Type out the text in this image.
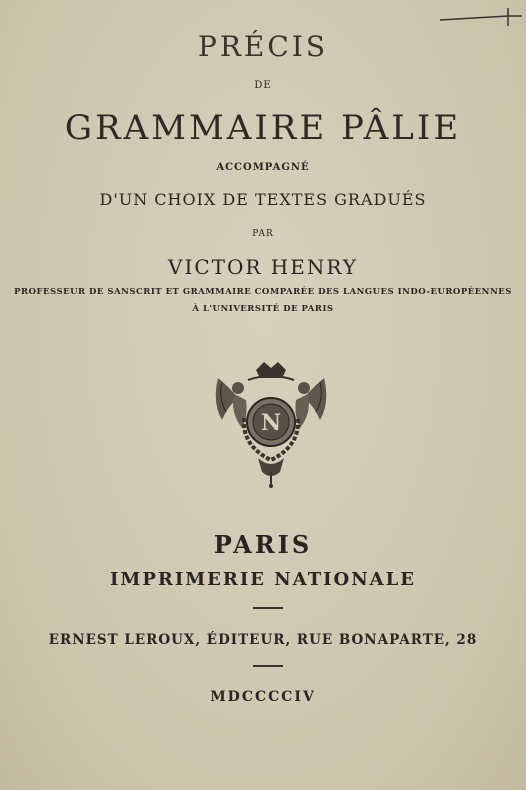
PRÉCIS
DE
GRAMMAIRE PÂLIE
ACCOMPAGNÉ
D'UN CHOIX DE TEXTES GRADUÉS
PAR
VICTOR HENRY
PROFESSEUR DE SANSCRIT ET GRAMMAIRE COMPARÉE DES LANGUES INDO-EUROPÉENNES
À L'UNIVERSITÉ DE PARIS
N
PARIS
IMPRIMERIE NATIONALE
ERNEST LEROUX, ÉDITEUR, RUE BONAPARTE, 28
MDCCCCIV
